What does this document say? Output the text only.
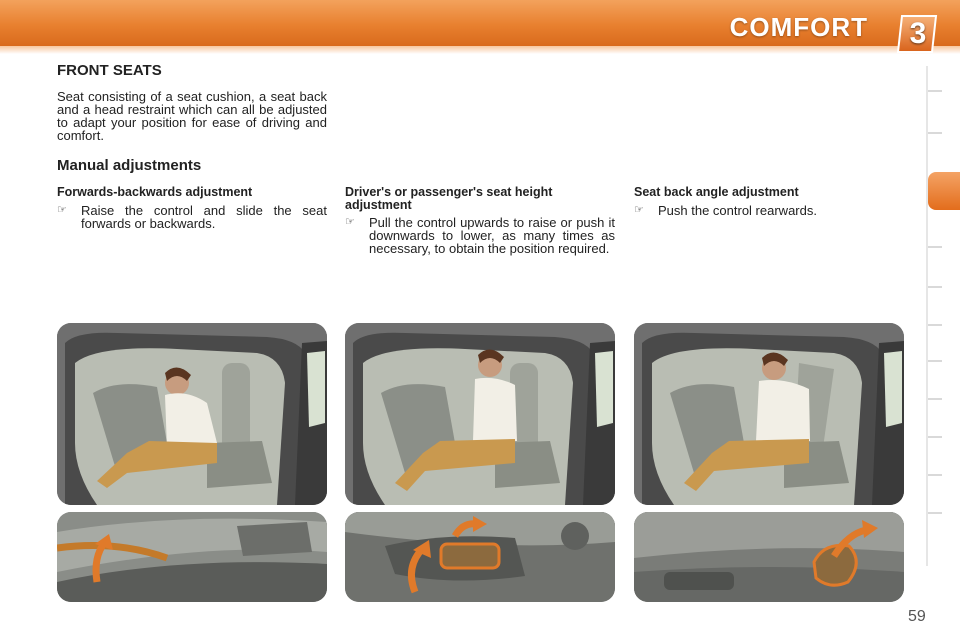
COMFORT	3
FRONT SEATS
Seat consisting of a seat cushion, a seat back and a head restraint which can all be adjusted to adapt your position for ease of driving and comfort.
Manual adjustments
Forwards-backwards adjustment
☞ Raise the control and slide the seat forwards or backwards.
Driver's or passenger's seat height adjustment
☞ Pull the control upwards to raise or push it downwards to lower, as many times as necessary, to obtain the position required.
Seat back angle adjustment
☞ Push the control rearwards.
59
